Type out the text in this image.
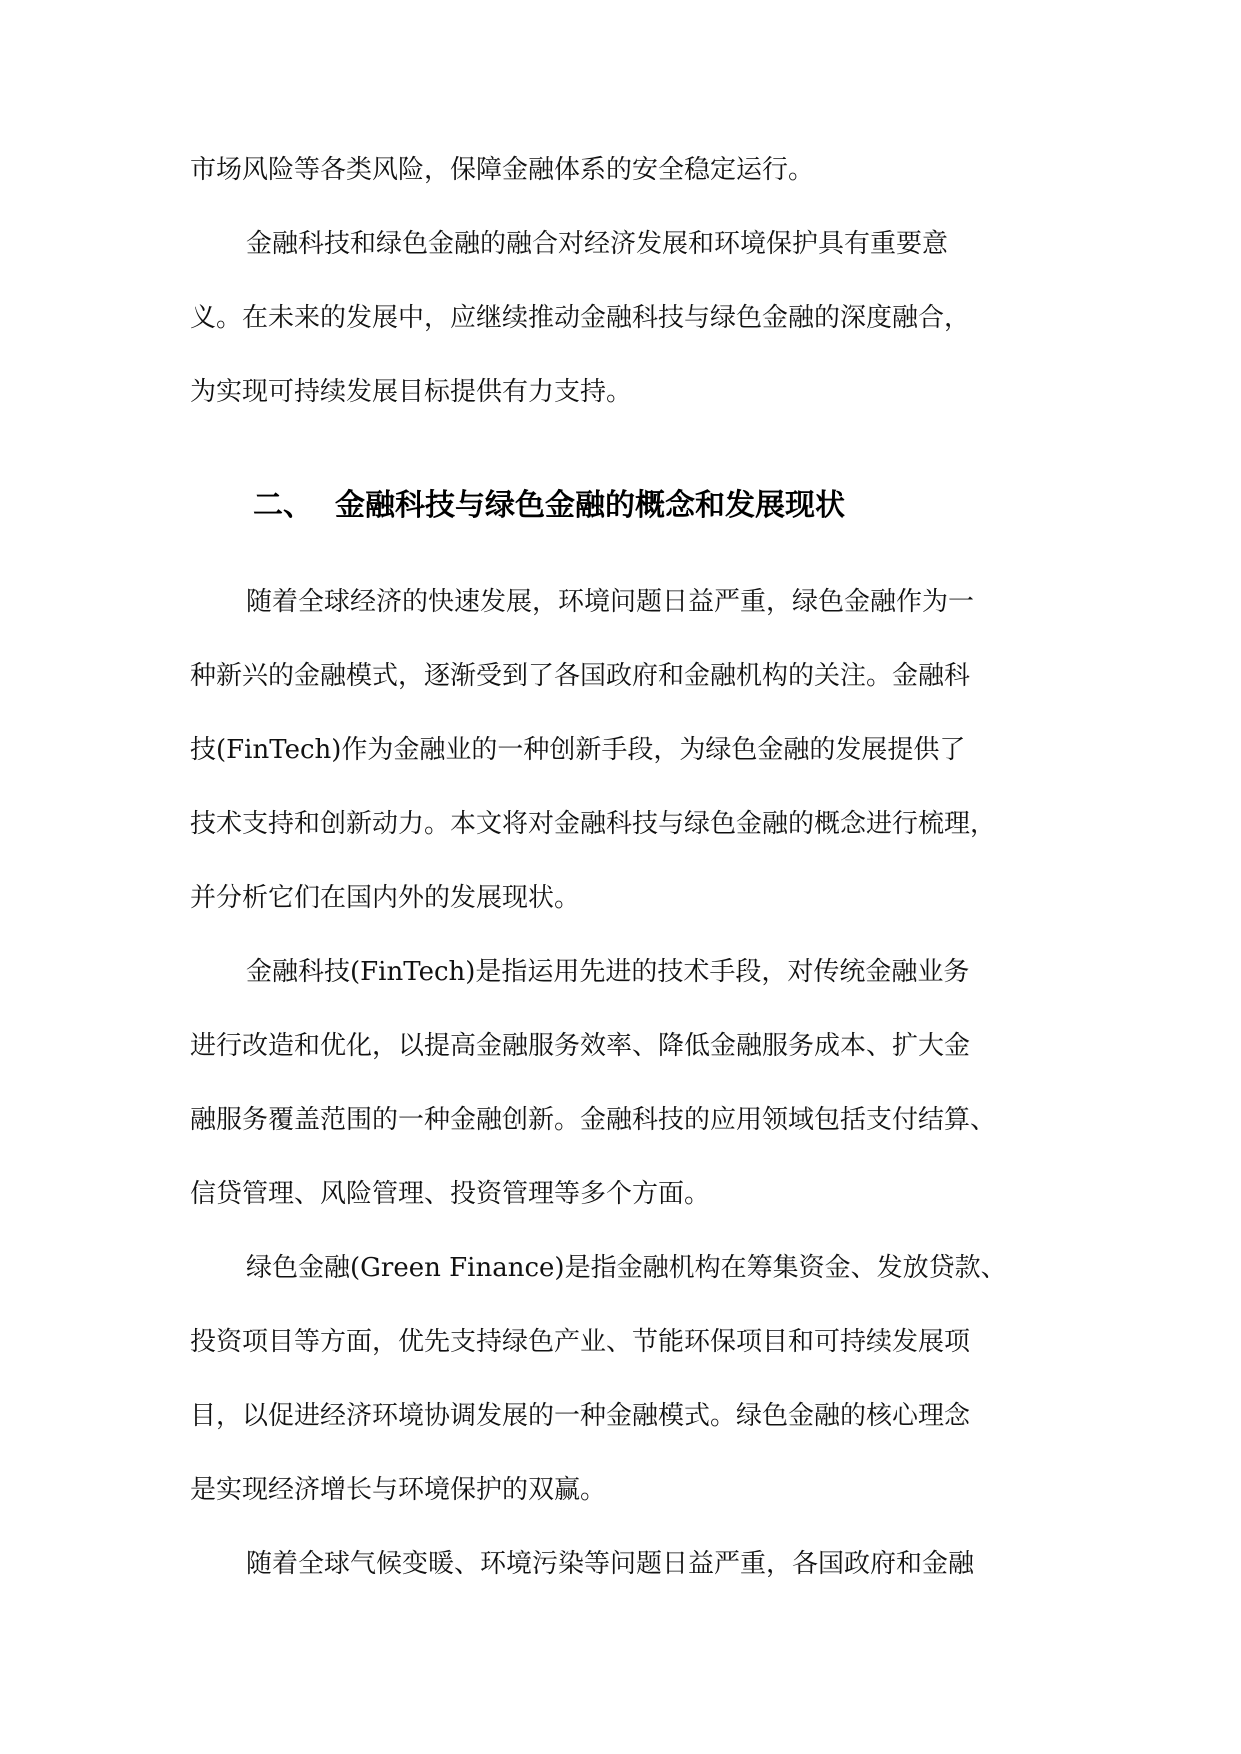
市场风险等各类风险，保障金融体系的安全稳定运行。
金融科技和绿色金融的融合对经济发展和环境保护具有重要意
义。在未来的发展中，应继续推动金融科技与绿色金融的深度融合，
为实现可持续发展目标提供有力支持。
二、 金融科技与绿色金融的概念和发展现状
随着全球经济的快速发展，环境问题日益严重，绿色金融作为一
种新兴的金融模式，逐渐受到了各国政府和金融机构的关注。金融科
技(FinTech)作为金融业的一种创新手段，为绿色金融的发展提供了
技术支持和创新动力。本文将对金融科技与绿色金融的概念进行梳理，
并分析它们在国内外的发展现状。
金融科技(FinTech)是指运用先进的技术手段，对传统金融业务
进行改造和优化，以提高金融服务效率、降低金融服务成本、扩大金
融服务覆盖范围的一种金融创新。金融科技的应用领域包括支付结算、
信贷管理、风险管理、投资管理等多个方面。
绿色金融(Green Finance)是指金融机构在筹集资金、发放贷款、
投资项目等方面，优先支持绿色产业、节能环保项目和可持续发展项
目，以促进经济环境协调发展的一种金融模式。绿色金融的核心理念
是实现经济增长与环境保护的双赢。
随着全球气候变暖、环境污染等问题日益严重，各国政府和金融
